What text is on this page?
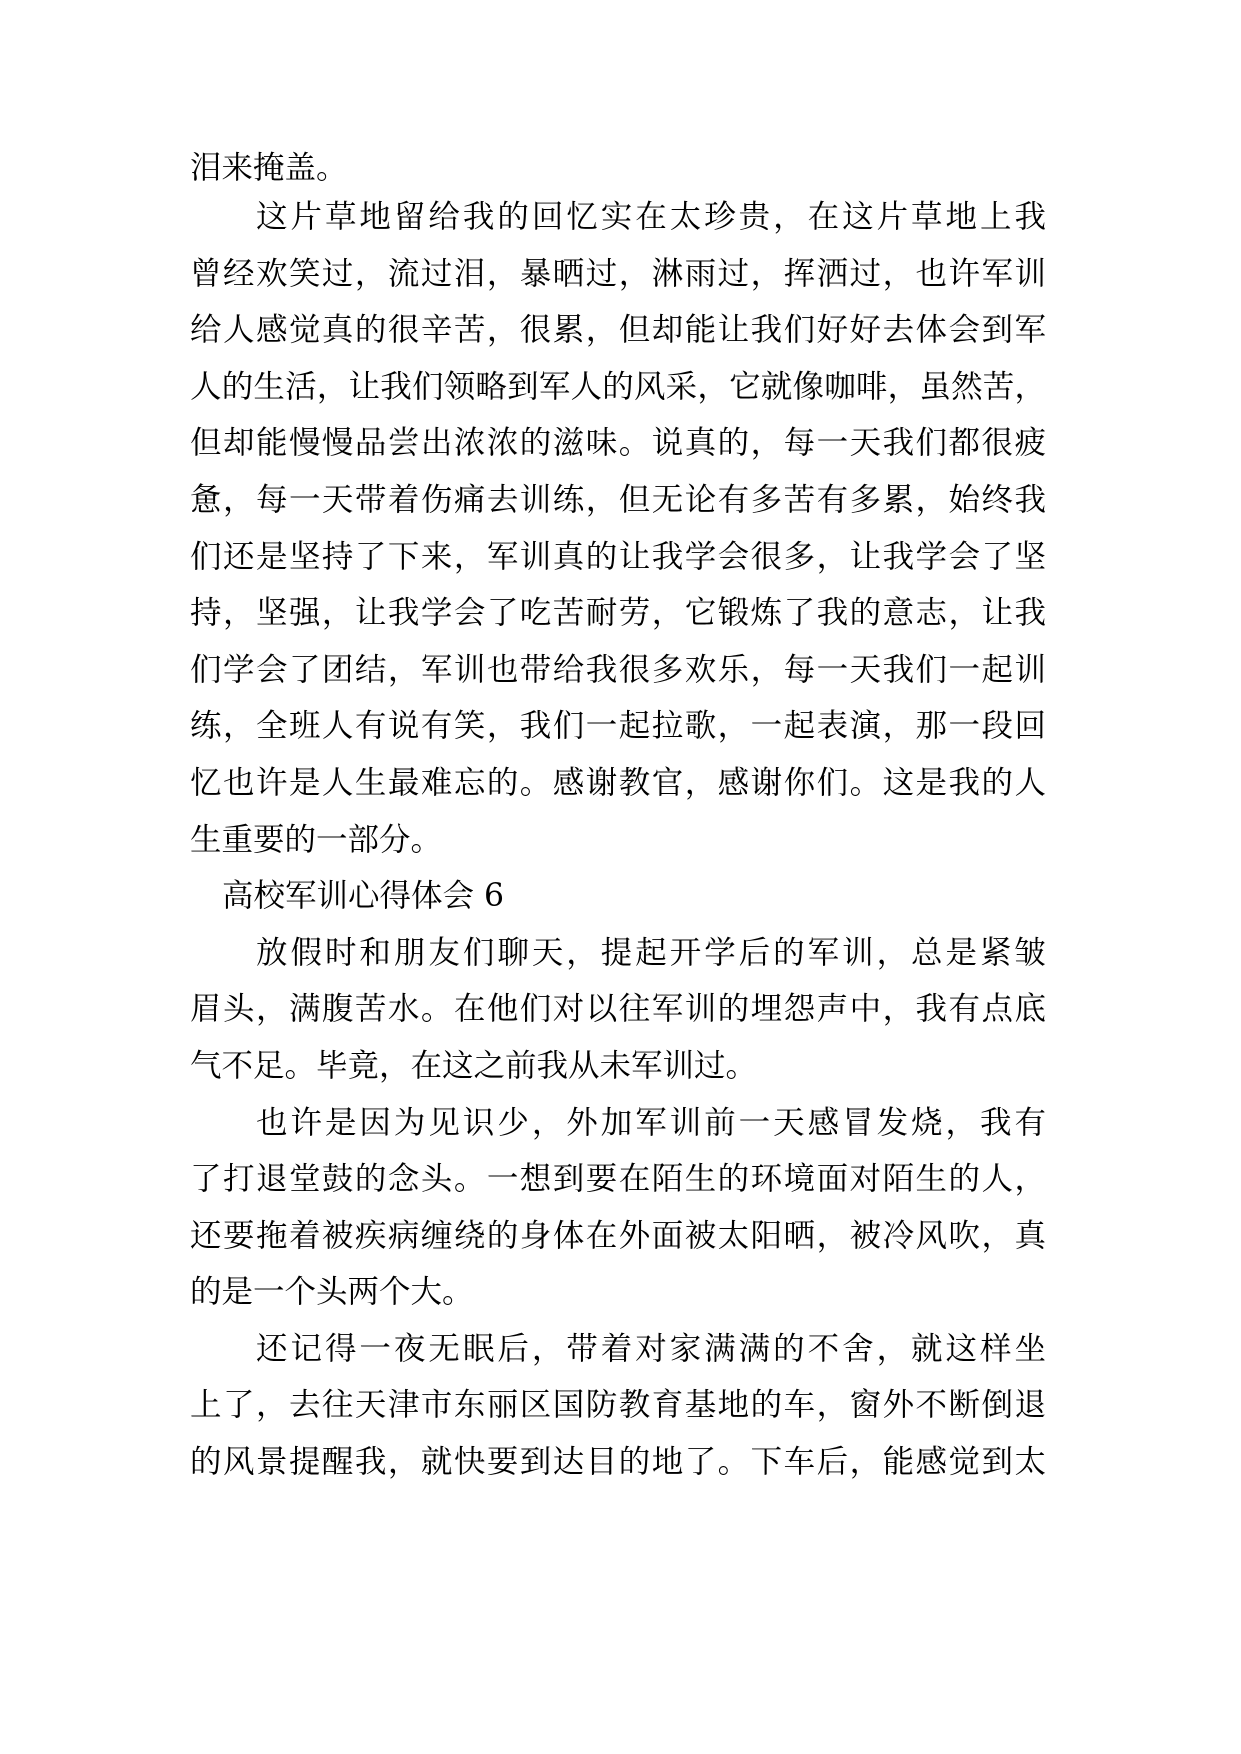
泪来掩盖。
这片草地留给我的回忆实在太珍贵，在这片草地上我
曾经欢笑过，流过泪，暴晒过，淋雨过，挥洒过，也许军训
给人感觉真的很辛苦，很累，但却能让我们好好去体会到军
人的生活，让我们领略到军人的风采，它就像咖啡，虽然苦，
但却能慢慢品尝出浓浓的滋味。说真的，每一天我们都很疲
惫，每一天带着伤痛去训练，但无论有多苦有多累，始终我
们还是坚持了下来，军训真的让我学会很多，让我学会了坚
持，坚强，让我学会了吃苦耐劳，它锻炼了我的意志，让我
们学会了团结，军训也带给我很多欢乐，每一天我们一起训
练，全班人有说有笑，我们一起拉歌，一起表演，那一段回
忆也许是人生最难忘的。感谢教官，感谢你们。这是我的人
生重要的一部分。
高校军训心得体会 6
放假时和朋友们聊天，提起开学后的军训，总是紧皱
眉头，满腹苦水。在他们对以往军训的埋怨声中，我有点底
气不足。毕竟，在这之前我从未军训过。
也许是因为见识少，外加军训前一天感冒发烧，我有
了打退堂鼓的念头。一想到要在陌生的环境面对陌生的人，
还要拖着被疾病缠绕的身体在外面被太阳晒，被冷风吹，真
的是一个头两个大。
还记得一夜无眠后，带着对家满满的不舍，就这样坐
上了，去往天津市东丽区国防教育基地的车，窗外不断倒退
的风景提醒我，就快要到达目的地了。下车后，能感觉到太
